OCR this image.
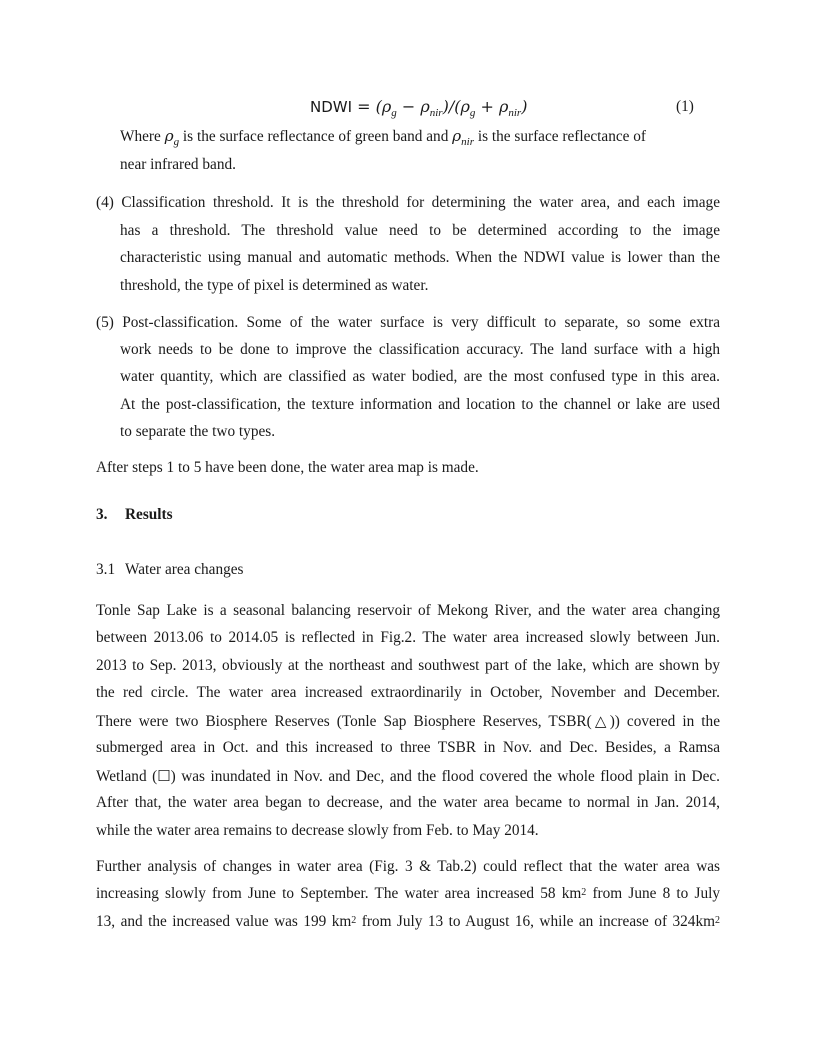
NDWI = $(\rho_g - \rho_{nir})/(\rho_g + \rho_{nir})$	(1)
Where $\rho_g$ is the surface reflectance of green band and $\rho_{nir}$ is the surface reflectance of
near infrared band.
(4) Classification threshold. It is the threshold for determining the water area, and each image
has a threshold. The threshold value need to be determined according to the image
characteristic using manual and automatic methods. When the NDWI value is lower than the
threshold, the type of pixel is determined as water.
(5) Post-classification. Some of the water surface is very difficult to separate, so some extra
work needs to be done to improve the classification accuracy. The land surface with a high
water quantity, which are classified as water bodied, are the most confused type in this area.
At the post-classification, the texture information and location to the channel or lake are used
to separate the two types.
After steps 1 to 5 have been done, the water area map is made.
3. Results
3.1 Water area changes
Tonle Sap Lake is a seasonal balancing reservoir of Mekong River, and the water area changing
between 2013.06 to 2014.05 is reflected in Fig.2. The water area increased slowly between Jun.
2013 to Sep. 2013, obviously at the northeast and southwest part of the lake, which are shown by
the red circle. The water area increased extraordinarily in October, November and December.
There were two Biosphere Reserves (Tonle Sap Biosphere Reserves, TSBR(△)) covered in the
submerged area in Oct. and this increased to three TSBR in Nov. and Dec. Besides, a Ramsa
Wetland (☐) was inundated in Nov. and Dec, and the flood covered the whole flood plain in Dec.
After that, the water area began to decrease, and the water area became to normal in Jan. 2014,
while the water area remains to decrease slowly from Feb. to May 2014.
Further analysis of changes in water area (Fig. 3 & Tab.2) could reflect that the water area was
increasing slowly from June to September. The water area increased 58 $km^2$ from June 8 to July
13, and the increased value was 199 $km^2$ from July 13 to August 16, while an increase of $324km^2$
